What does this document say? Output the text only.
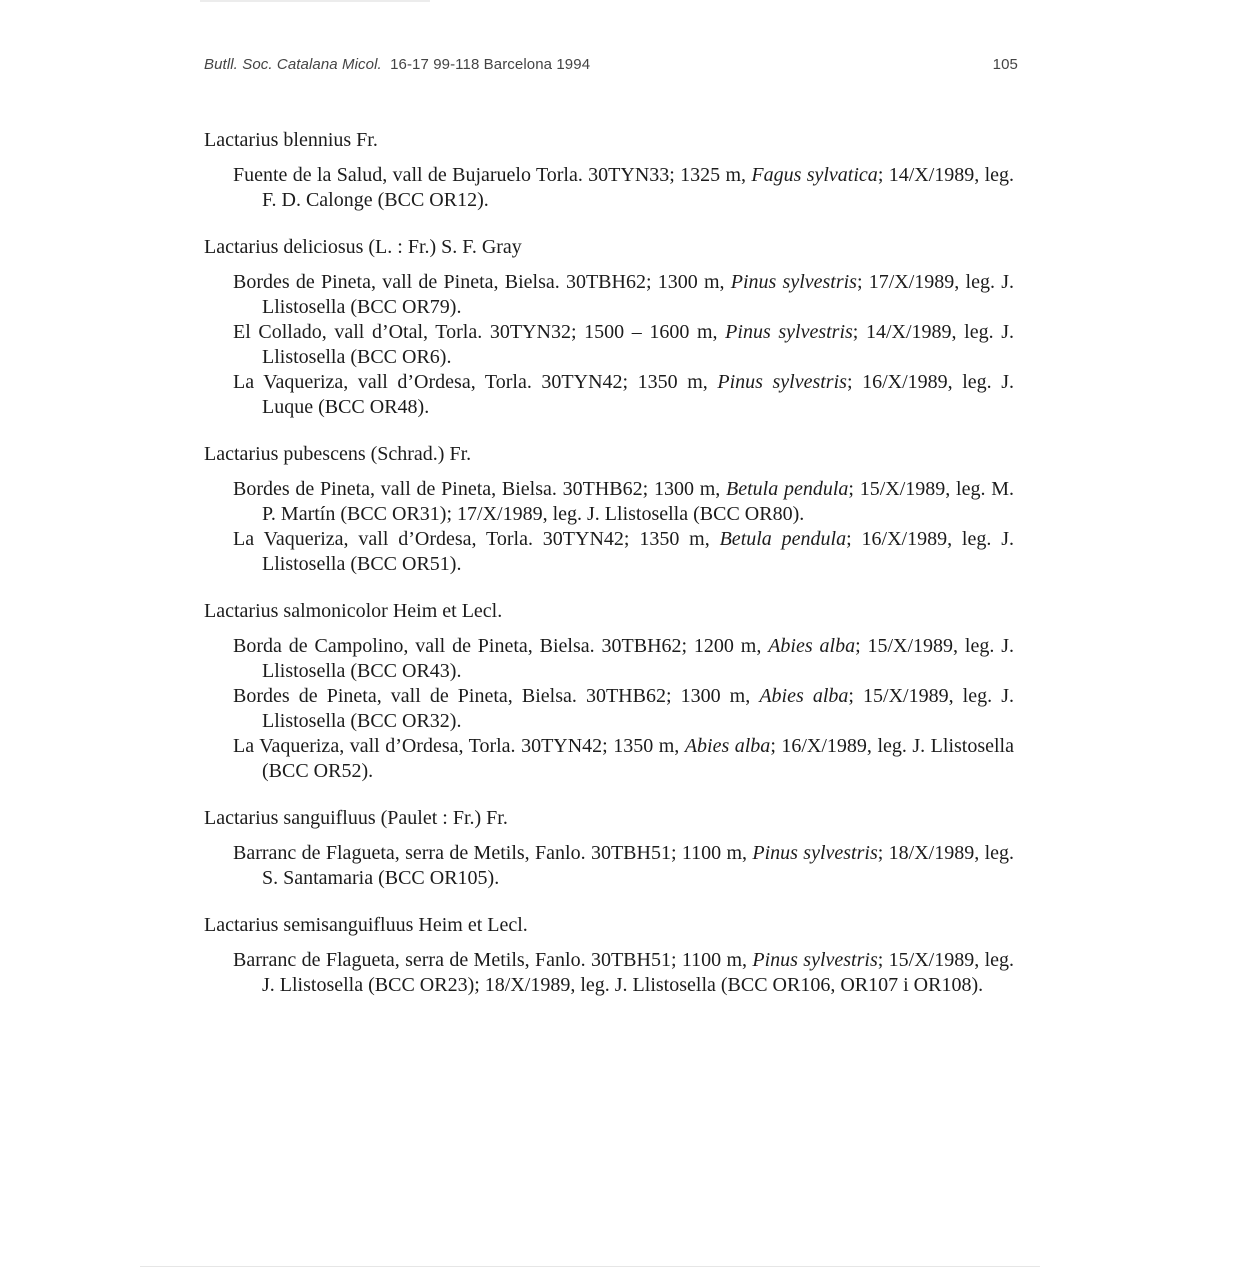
Butll. Soc. Catalana Micol. 16-17 99-118 Barcelona 1994	105
Lactarius blennius Fr.
Fuente de la Salud, vall de Bujaruelo Torla. 30TYN33; 1325 m, Fagus sylvatica; 14/X/1989, leg. F. D. Calonge (BCC OR12).
Lactarius deliciosus (L. : Fr.) S. F. Gray
Bordes de Pineta, vall de Pineta, Bielsa. 30TBH62; 1300 m, Pinus sylvestris; 17/X/1989, leg. J. Llistosella (BCC OR79).
El Collado, vall d’Otal, Torla. 30TYN32; 1500 – 1600 m, Pinus sylvestris; 14/X/1989, leg. J. Llistosella (BCC OR6).
La Vaqueriza, vall d’Ordesa, Torla. 30TYN42; 1350 m, Pinus sylvestris; 16/X/1989, leg. J. Luque (BCC OR48).
Lactarius pubescens (Schrad.) Fr.
Bordes de Pineta, vall de Pineta, Bielsa. 30THB62; 1300 m, Betula pendula; 15/X/1989, leg. M. P. Martín (BCC OR31); 17/X/1989, leg. J. Llistosella (BCC OR80).
La Vaqueriza, vall d’Ordesa, Torla. 30TYN42; 1350 m, Betula pendula; 16/X/1989, leg. J. Llistosella (BCC OR51).
Lactarius salmonicolor Heim et Lecl.
Borda de Campolino, vall de Pineta, Bielsa. 30TBH62; 1200 m, Abies alba; 15/X/1989, leg. J. Llistosella (BCC OR43).
Bordes de Pineta, vall de Pineta, Bielsa. 30THB62; 1300 m, Abies alba; 15/X/1989, leg. J. Llistosella (BCC OR32).
La Vaqueriza, vall d’Ordesa, Torla. 30TYN42; 1350 m, Abies alba; 16/X/1989, leg. J. Llistosella (BCC OR52).
Lactarius sanguifluus (Paulet : Fr.) Fr.
Barranc de Flagueta, serra de Metils, Fanlo. 30TBH51; 1100 m, Pinus sylvestris; 18/X/1989, leg. S. Santamaria (BCC OR105).
Lactarius semisanguifluus Heim et Lecl.
Barranc de Flagueta, serra de Metils, Fanlo. 30TBH51; 1100 m, Pinus sylvestris; 15/X/1989, leg. J. Llistosella (BCC OR23); 18/X/1989, leg. J. Llistosella (BCC OR106, OR107 i OR108).
